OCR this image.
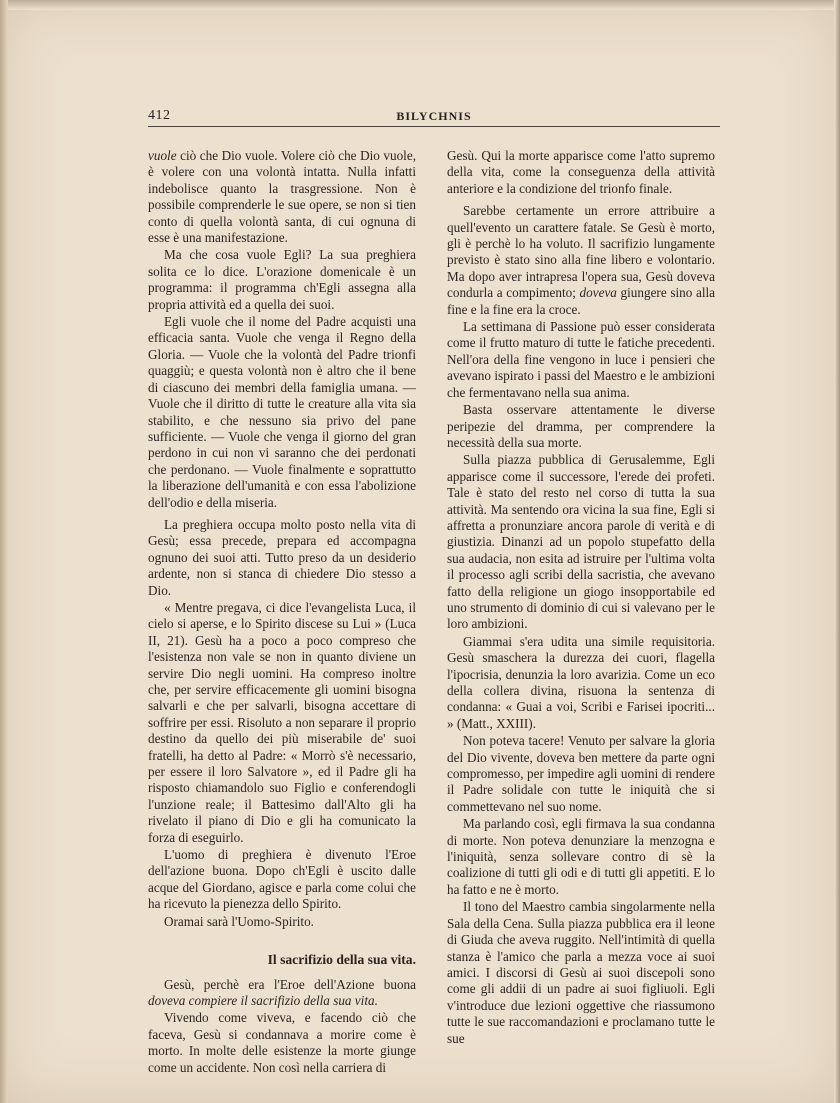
412	BILYCHNIS

vuole ciò che Dio vuole. Volere ciò che Dio vuole, è volere con una volontà intatta. Nulla infatti indebolisce quanto la trasgressione. Non è possibile comprenderle le sue opere, se non si tien conto di quella volontà santa, di cui ognuna di esse è una manifestazione.

Ma che cosa vuole Egli? La sua preghiera solita ce lo dice. L'orazione domenicale è un programma: il programma ch'Egli assegna alla propria attività ed a quella dei suoi.

Egli vuole che il nome del Padre acquisti una efficacia santa. Vuole che venga il Regno della Gloria. — Vuole che la volontà del Padre trionfi quaggiù; e questa volontà non è altro che il bene di ciascuno dei membri della famiglia umana. — Vuole che il diritto di tutte le creature alla vita sia stabilito, e che nessuno sia privo del pane sufficiente. — Vuole che venga il giorno del gran perdono in cui non vi saranno che dei perdonati che perdonano. — Vuole finalmente e soprattutto la liberazione dell'umanità e con essa l'abolizione dell'odio e della miseria.

La preghiera occupa molto posto nella vita di Gesù; essa precede, prepara ed accompagna ognuno dei suoi atti. Tutto preso da un desiderio ardente, non si stanca di chiedere Dio stesso a Dio.

« Mentre pregava, ci dice l'evangelista Luca, il cielo si aperse, e lo Spirito discese su Lui » (Luca II, 21). Gesù ha a poco a poco compreso che l'esistenza non vale se non in quanto diviene un servire Dio negli uomini. Ha compreso inoltre che, per servire efficacemente gli uomini bisogna salvarli e che per salvarli, bisogna accettare di soffrire per essi. Risoluto a non separare il proprio destino da quello dei più miserabile de' suoi fratelli, ha detto al Padre: « Morrò s'è necessario, per essere il loro Salvatore », ed il Padre gli ha risposto chiamandolo suo Figlio e conferendogli l'unzione reale; il Battesimo dall'Alto gli ha rivelato il piano di Dio e gli ha comunicato la forza di eseguirlo.

L'uomo di preghiera è divenuto l'Eroe dell'azione buona. Dopo ch'Egli è uscito dalle acque del Giordano, agisce e parla come colui che ha ricevuto la pienezza dello Spirito.

Oramai sarà l'Uomo-Spirito.

Il sacrifizio della sua vita.

Gesù, perchè era l'Eroe dell'Azione buona doveva compiere il sacrifizio della sua vita.

Vivendo come viveva, e facendo ciò che faceva, Gesù si condannava a morire come è morto. In molte delle esistenze la morte giunge come un accidente. Non così nella carriera di

Gesù. Qui la morte apparisce come l'atto supremo della vita, come la conseguenza della attività anteriore e la condizione del trionfo finale.

Sarebbe certamente un errore attribuire a quell'evento un carattere fatale. Se Gesù è morto, gli è perchè lo ha voluto. Il sacrifizio lungamente previsto è stato sino alla fine libero e volontario. Ma dopo aver intrapresa l'opera sua, Gesù doveva condurla a compimento; doveva giungere sino alla fine e la fine era la croce.

La settimana di Passione può esser considerata come il frutto maturo di tutte le fatiche precedenti. Nell'ora della fine vengono in luce i pensieri che avevano ispirato i passi del Maestro e le ambizioni che fermentavano nella sua anima.

Basta osservare attentamente le diverse peripezie del dramma, per comprendere la necessità della sua morte.

Sulla piazza pubblica di Gerusalemme, Egli apparisce come il successore, l'erede dei profeti. Tale è stato del resto nel corso di tutta la sua attività. Ma sentendo ora vicina la sua fine, Egli si affretta a pronunziare ancora parole di verità e di giustizia. Dinanzi ad un popolo stupefatto della sua audacia, non esita ad istruire per l'ultima volta il processo agli scribi della sacristia, che avevano fatto della religione un giogo insopportabile ed uno strumento di dominio di cui si valevano per le loro ambizioni.

Giammai s'era udita una simile requisitoria. Gesù smaschera la durezza dei cuori, flagella l'ipocrisia, denunzia la loro avarizia. Come un eco della collera divina, risuona la sentenza di condanna: « Guai a voi, Scribi e Farisei ipocriti... » (Matt., XXIII).

Non poteva tacere! Venuto per salvare la gloria del Dio vivente, doveva ben mettere da parte ogni compromesso, per impedire agli uomini di rendere il Padre solidale con tutte le iniquità che si commettevano nel suo nome.

Ma parlando così, egli firmava la sua condanna di morte. Non poteva denunziare la menzogna e l'iniquità, senza sollevare contro di sè la coalizione di tutti gli odi e di tutti gli appetiti. E lo ha fatto e ne è morto.

Il tono del Maestro cambia singolarmente nella Sala della Cena. Sulla piazza pubblica era il leone di Giuda che aveva ruggito. Nell'intimità di quella stanza è l'amico che parla a mezza voce ai suoi amici. I discorsi di Gesù ai suoi discepoli sono come gli addii di un padre ai suoi figliuoli. Egli v'introduce due lezioni oggettive che riassumono tutte le sue raccomandazioni e proclamano tutte le sue
